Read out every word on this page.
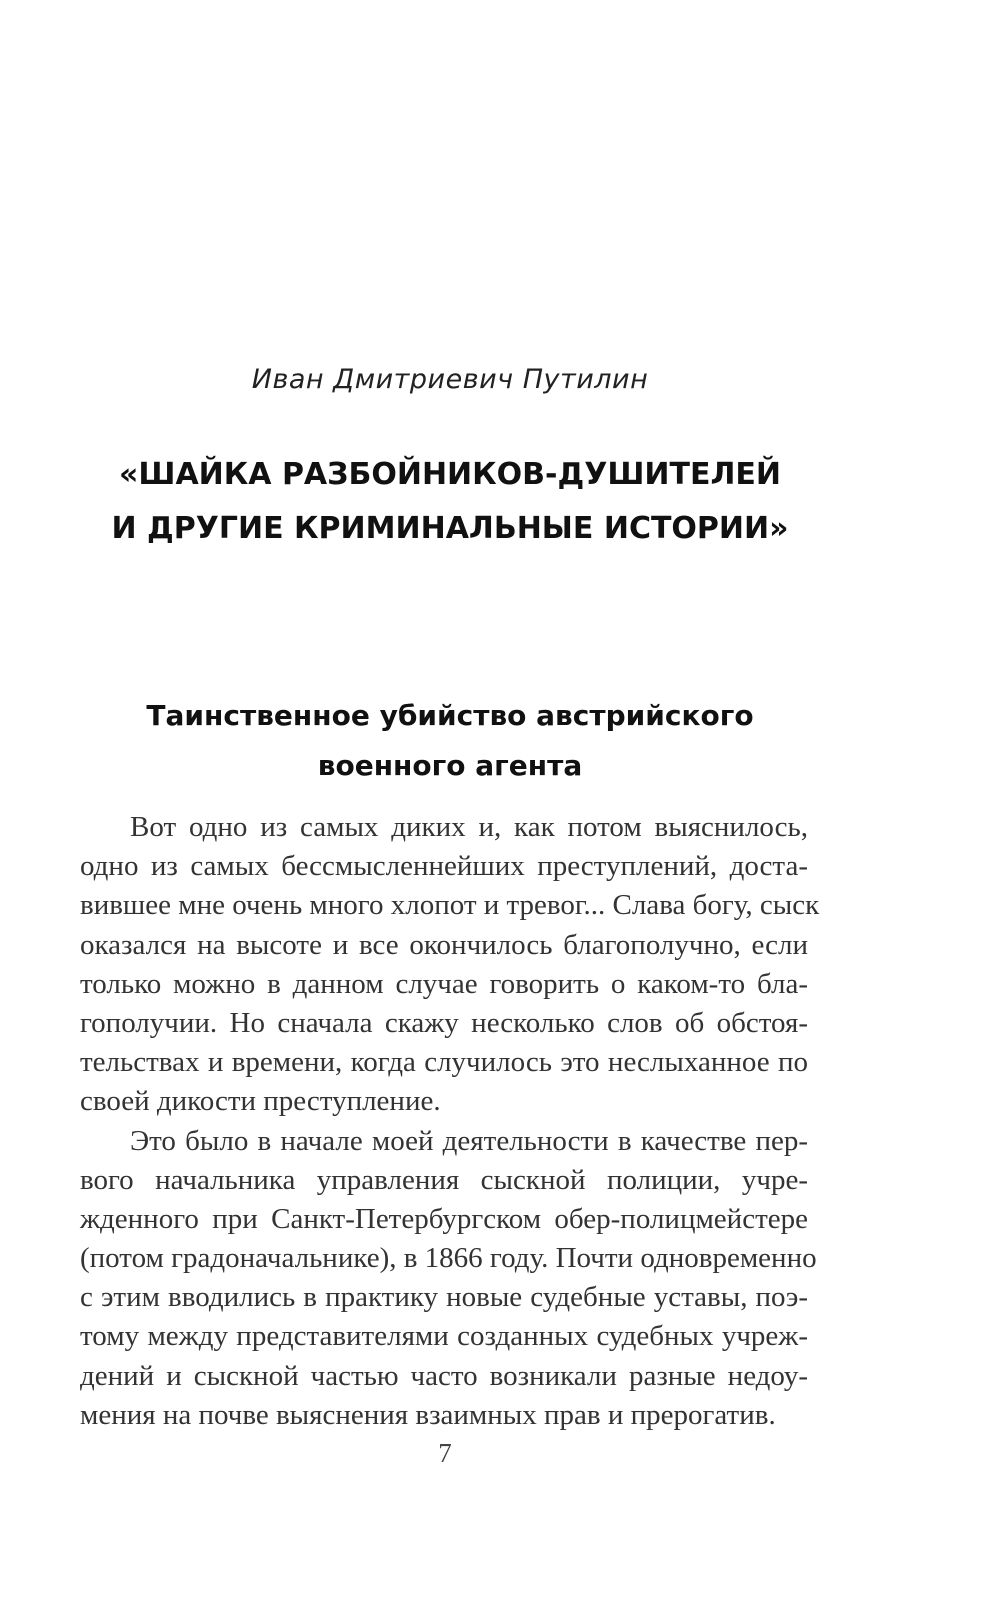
Иван Дмитриевич Путилин
«ШАЙКА РАЗБОЙНИКОВ-ДУШИТЕЛЕЙ
И ДРУГИЕ КРИМИНАЛЬНЫЕ ИСТОРИИ»
Таинственное убийство австрийского
военного агента
Вот одно из самых диких и, как потом выяснилось,
одно из самых бессмысленнейших преступлений, доста-
вившее мне очень много хлопот и тревог... Слава богу, сыск
оказался на высоте и все окончилось благополучно, если
только можно в данном случае говорить о каком-то бла-
гополучии. Но сначала скажу несколько слов об обстоя-
тельствах и времени, когда случилось это неслыханное по
своей дикости преступление.
Это было в начале моей деятельности в качестве пер-
вого начальника управления сыскной полиции, учре-
жденного при Санкт-Петербургском обер-полицмейстере
(потом градоначальнике), в 1866 году. Почти одновременно
с этим вводились в практику новые судебные уставы, поэ-
тому между представителями созданных судебных учреж-
дений и сыскной частью часто возникали разные недоу-
мения на почве выяснения взаимных прав и прерогатив.
7
